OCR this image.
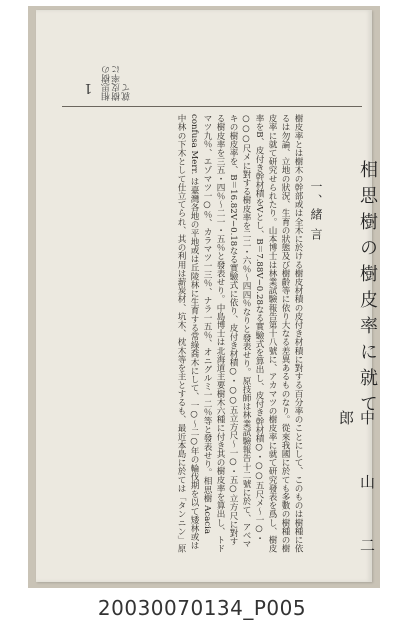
1 相思樹の樹皮率に就て
相思樹の樹皮率に就て
中 山 二 郎
一、緒 言
樹皮率とは樹木の幹部或は全木に於ける樹皮材積の皮付き材積に對する百分率のことにして、このものは樹種に依るは勿論、立地の狀況、生育の狀態及び樹齡等に依り大なる差異あるものなり。從來我國に於ても多數の樹種の樹皮率に就て研究せられたり。山本博士は林業試驗報告第十八號に、アカマツの樹皮率に就て研究發表を爲し、樹皮率をB、皮付き幹材積をVとし、B＝7.88V−0.28なる實驗式を算出し、皮付き幹材積○・○○五尺メ〜一○・○○○尺メに對する樹皮率を二二・六％〜四四％なりと發表せり。原技師は林業試驗報告十二號に於て、アベマキの樹皮率を、B＝16.82V−0.18なる實驗式に依り、皮付き材積○・○○五立方尺〜一○・五○立方尺に對する樹皮率を三五・四％〜二一・五％と發表せり。中島博士は北海道主要樹木六種に付き其の樹皮率を算出し、トドマツ九％、エゾマツ一○％、カラマツ一三％、ナラ一五％、オニグルミ一二％等と發表せり。相思樹 Acacia confusa Merr. は臺灣各地の平地或は丘陵林に生育する常綠喬木にして、一○〜二○年の輪伐期を以て矮林或は中林の下木として仕立てられ、其の利用は薪炭材、坑木、枕木等を主とするも、最近本島に於ては「タンニン」原
20030070134_P005
